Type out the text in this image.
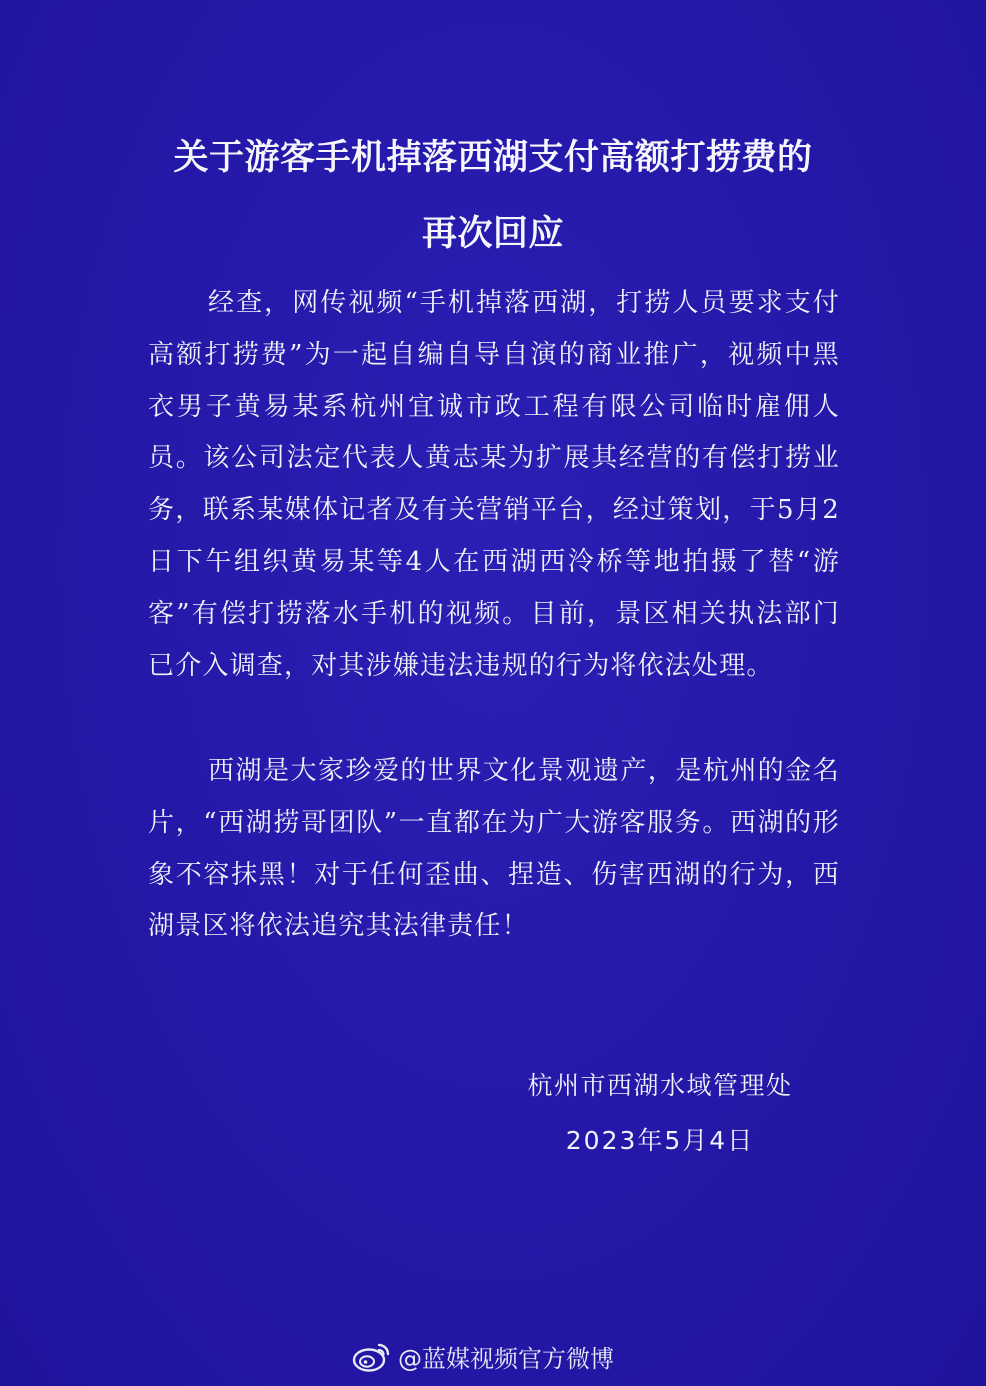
关于游客手机掉落西湖支付高额打捞费的
再次回应
经查，网传视频“手机掉落西湖，打捞人员要求支付高额打捞费”为一起自编自导自演的商业推广，视频中黑衣男子黄易某系杭州宜诚市政工程有限公司临时雇佣人员。该公司法定代表人黄志某为扩展其经营的有偿打捞业务，联系某媒体记者及有关营销平台，经过策划，于5月2日下午组织黄易某等4人在西湖西泠桥等地拍摄了替“游客”有偿打捞落水手机的视频。目前，景区相关执法部门已介入调查，对其涉嫌违法违规的行为将依法处理。
西湖是大家珍爱的世界文化景观遗产，是杭州的金名片，“西湖捞哥团队”一直都在为广大游客服务。西湖的形象不容抹黑！对于任何歪曲、捏造、伤害西湖的行为，西湖景区将依法追究其法律责任！
杭州市西湖水域管理处
2023年5月4日
@蓝媒视频官方微博
